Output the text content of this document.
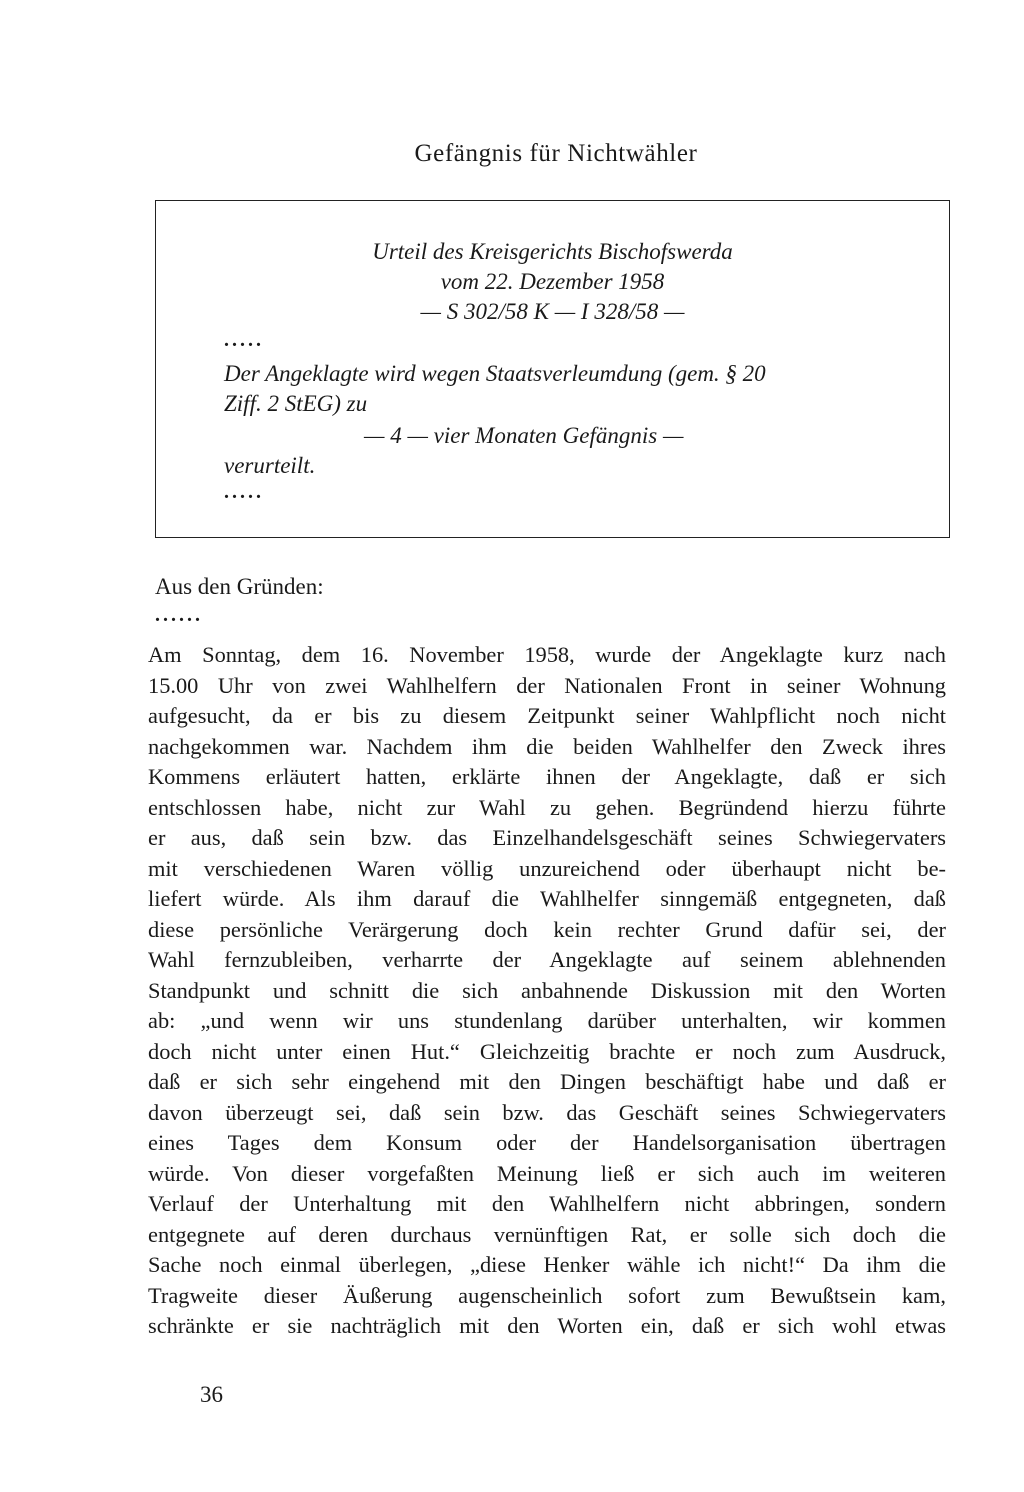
Gefängnis für Nichtwähler
Urteil des Kreisgerichts Bischofswerda
vom 22. Dezember 1958
— S 302/58 K — I 328/58 —
.....
Der Angeklagte wird wegen Staatsverleumdung (gem. § 20
Ziff. 2 StEG) zu
— 4 — vier Monaten Gefängnis —
verurteilt.
.....
Aus den Gründen:
......
Am Sonntag, dem 16. November 1958, wurde der Angeklagte kurz nach
15.00 Uhr von zwei Wahlhelfern der Nationalen Front in seiner Wohnung
aufgesucht, da er bis zu diesem Zeitpunkt seiner Wahlpflicht noch nicht
nachgekommen war. Nachdem ihm die beiden Wahlhelfer den Zweck ihres
Kommens erläutert hatten, erklärte ihnen der Angeklagte, daß er sich
entschlossen habe, nicht zur Wahl zu gehen. Begründend hierzu führte
er aus, daß sein bzw. das Einzelhandelsgeschäft seines Schwiegervaters
mit verschiedenen Waren völlig unzureichend oder überhaupt nicht be-
liefert würde. Als ihm darauf die Wahlhelfer sinngemäß entgegneten, daß
diese persönliche Verärgerung doch kein rechter Grund dafür sei, der
Wahl fernzubleiben, verharrte der Angeklagte auf seinem ablehnenden
Standpunkt und schnitt die sich anbahnende Diskussion mit den Worten
ab: „und wenn wir uns stundenlang darüber unterhalten, wir kommen
doch nicht unter einen Hut.“ Gleichzeitig brachte er noch zum Ausdruck,
daß er sich sehr eingehend mit den Dingen beschäftigt habe und daß er
davon überzeugt sei, daß sein bzw. das Geschäft seines Schwiegervaters
eines Tages dem Konsum oder der Handelsorganisation übertragen
würde. Von dieser vorgefaßten Meinung ließ er sich auch im weiteren
Verlauf der Unterhaltung mit den Wahlhelfern nicht abbringen, sondern
entgegnete auf deren durchaus vernünftigen Rat, er solle sich doch die
Sache noch einmal überlegen, „diese Henker wähle ich nicht!“ Da ihm die
Tragweite dieser Äußerung augenscheinlich sofort zum Bewußtsein kam,
schränkte er sie nachträglich mit den Worten ein, daß er sich wohl etwas
36
